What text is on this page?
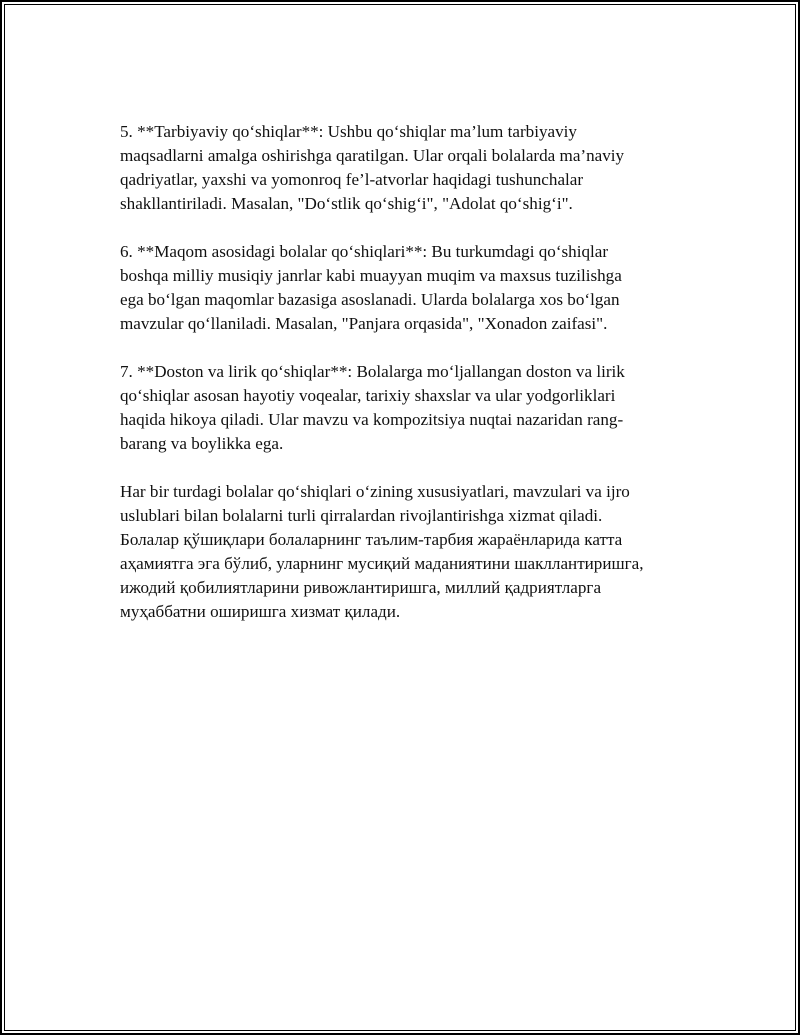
5. **Tarbiyaviy qo‘shiqlar**: Ushbu qo‘shiqlar ma’lum tarbiyaviy
maqsadlarni amalga oshirishga qaratilgan. Ular orqali bolalarda ma’naviy
qadriyatlar, yaxshi va yomonroq fe’l-atvorlar haqidagi tushunchalar
shakllantiriladi. Masalan, "Do‘stlik qo‘shig‘i", "Adolat qo‘shig‘i".

6. **Maqom asosidagi bolalar qo‘shiqlari**: Bu turkumdagi qo‘shiqlar
boshqa milliy musiqiy janrlar kabi muayyan muqim va maxsus tuzilishga
ega bo‘lgan maqomlar bazasiga asoslanadi. Ularda bolalarga xos bo‘lgan
mavzular qo‘llaniladi. Masalan, "Panjara orqasida", "Xonadon zaifasi".

7. **Doston va lirik qo‘shiqlar**: Bolalarga mo‘ljallangan doston va lirik
qo‘shiqlar asosan hayotiy voqealar, tarixiy shaxslar va ular yodgorliklari
haqida hikoya qiladi. Ular mavzu va kompozitsiya nuqtai nazaridan rang-
barang va boylikka ega.

Har bir turdagi bolalar qo‘shiqlari o‘zining xususiyatlari, mavzulari va ijro
uslublari bilan bolalarni turli qirralardan rivojlantirishga xizmat qiladi.
Болалар қўшиқлари болаларнинг таълим-тарбия жараёнларида катта
аҳамиятга эга бўлиб, уларнинг мусиқий маданиятини шакллантиришга,
ижодий қобилиятларини ривожлантиришга, миллий қадриятларга
муҳаббатни оширишга хизмат қилади.
